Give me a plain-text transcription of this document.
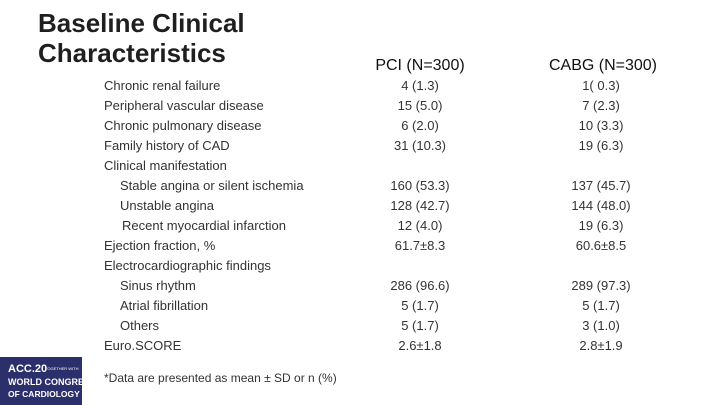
Baseline Clinical Characteristics	PCI (N=300)	CABG (N=300)
Chronic renal failure	4 (1.3)	1( 0.3)
Peripheral vascular disease	15 (5.0)	7 (2.3)
Chronic pulmonary disease	6 (2.0)	10 (3.3)
Family history of CAD	31 (10.3)	19 (6.3)
Clinical manifestation
Stable angina or silent ischemia	160 (53.3)	137 (45.7)
Unstable angina	128 (42.7)	144 (48.0)
Recent myocardial infarction	12 (4.0)	19 (6.3)
Ejection fraction, %	61.7±8.3	60.6±8.5
Electrocardiographic findings
Sinus rhythm	286 (96.6)	289 (97.3)
Atrial fibrillation	5 (1.7)	5 (1.7)
Others	5 (1.7)	3 (1.0)
Euro.SCORE	2.6±1.8	2.8±1.9
ACC.20
TOGETHER WITH
WORLD CONGRESS
OF CARDIOLOGY
*Data are presented as mean ± SD or n (%)
